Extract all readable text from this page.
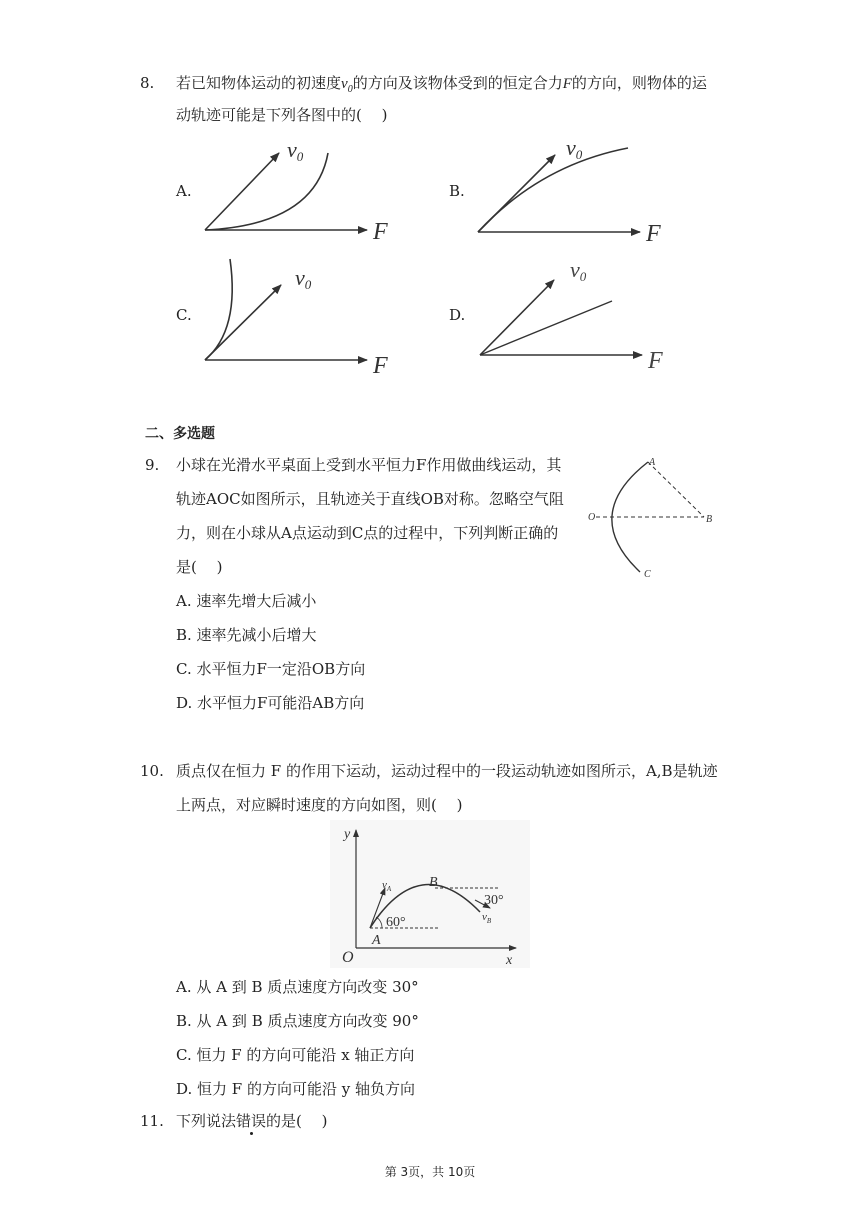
8. 若已知物体运动的初速度$v_0$的方向及该物体受到的恒定合力F的方向，则物体的运
动轨迹可能是下列各图中的(　 )
A.	B.
C.	D.
v0
F
v0
F
v0
F
v0
F
二、多选题
9. 小球在光滑水平桌面上受到水平恒力F作用做曲线运动，其
轨迹AOC如图所示，且轨迹关于直线OB对称。忽略空气阻
力，则在小球从A点运动到C点的过程中，下列判断正确的
是(　 )
A. 速率先增大后减小
B. 速率先减小后增大
C. 水平恒力F一定沿OB方向
D. 水平恒力F可能沿AB方向
A
O	B
C
10. 质点仅在恒力 F 的作用下运动，运动过程中的一段运动轨迹如图所示，A,B是轨迹
上两点，对应瞬时速度的方向如图，则(　 )
y
x
O
A
B
$v_A$
$v_B$
60°
30°
A. 从 A 到 B 质点速度方向改变 30°
B. 从 A 到 B 质点速度方向改变 90°
C. 恒力 F 的方向可能沿 x 轴正方向
D. 恒力 F 的方向可能沿 y 轴负方向
11. 下列说法错误的是(　 )
第 3页，共 10页
